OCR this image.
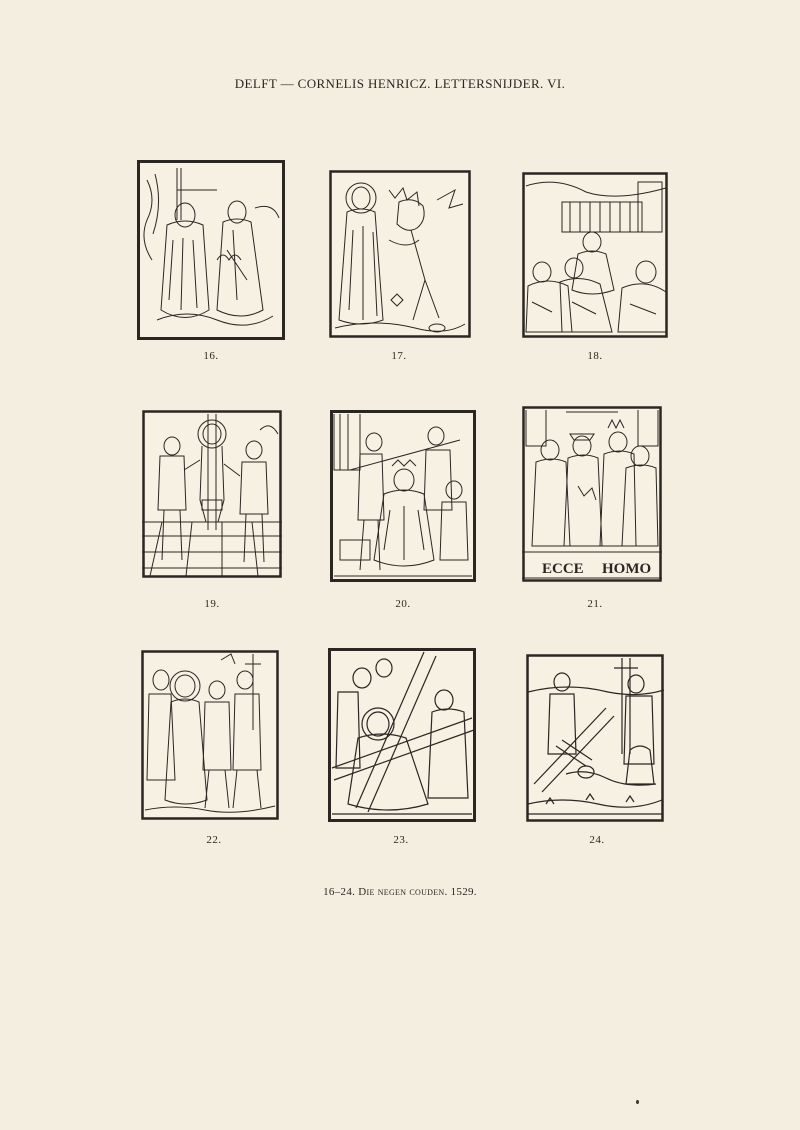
DELFT — CORNELIS HENRICZ. LETTERSNIJDER. VI.
16.	17.	18.
19.	20.
ECCE HOMO
21.
22.	23.	24.
16–24. Die negen couden. 1529.
